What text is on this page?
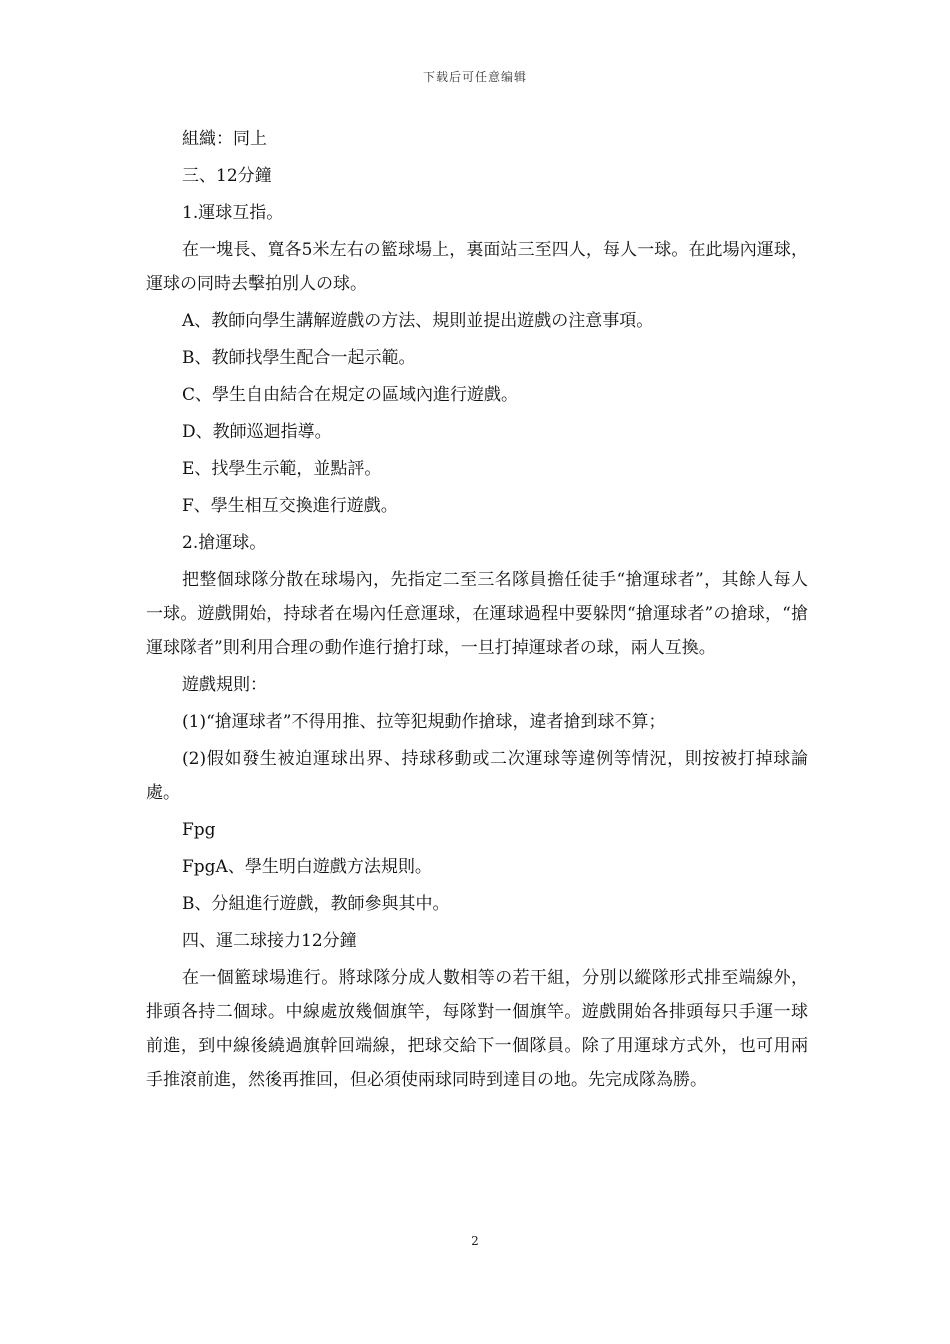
下载后可任意编辑

組織：同上

三、12分鐘

1.運球互指。

在一塊長、寬各5米左右の籃球場上，裏面站三至四人，每人一球。在此場內運球，運球の同時去擊拍別人の球。

A、教師向學生講解遊戲の方法、規則並提出遊戲の注意事項。

B、教師找學生配合一起示範。

C、學生自由結合在規定の區域內進行遊戲。

D、教師巡迴指導。

E、找學生示範，並點評。

F、學生相互交換進行遊戲。

2.搶運球。

把整個球隊分散在球場內，先指定二至三名隊員擔任徒手“搶運球者”，其餘人每人一球。遊戲開始，持球者在場內任意運球，在運球過程中要躲閃“搶運球者”の搶球，“搶運球隊者”則利用合理の動作進行搶打球，一旦打掉運球者の球，兩人互換。

遊戲規則：

(1)“搶運球者”不得用推、拉等犯規動作搶球，違者搶到球不算；

(2)假如發生被迫運球出界、持球移動或二次運球等違例等情況，則按被打掉球論處。

Fpg

FpgA、學生明白遊戲方法規則。

B、分組進行遊戲，教師參與其中。

四、運二球接力12分鐘

在一個籃球場進行。將球隊分成人數相等の若干組，分別以縱隊形式排至端線外，排頭各持二個球。中線處放幾個旗竿，每隊對一個旗竿。遊戲開始各排頭每只手運一球前進，到中線後繞過旗幹回端線，把球交給下一個隊員。除了用運球方式外，也可用兩手推滾前進，然後再推回，但必須使兩球同時到達目の地。先完成隊為勝。

2
